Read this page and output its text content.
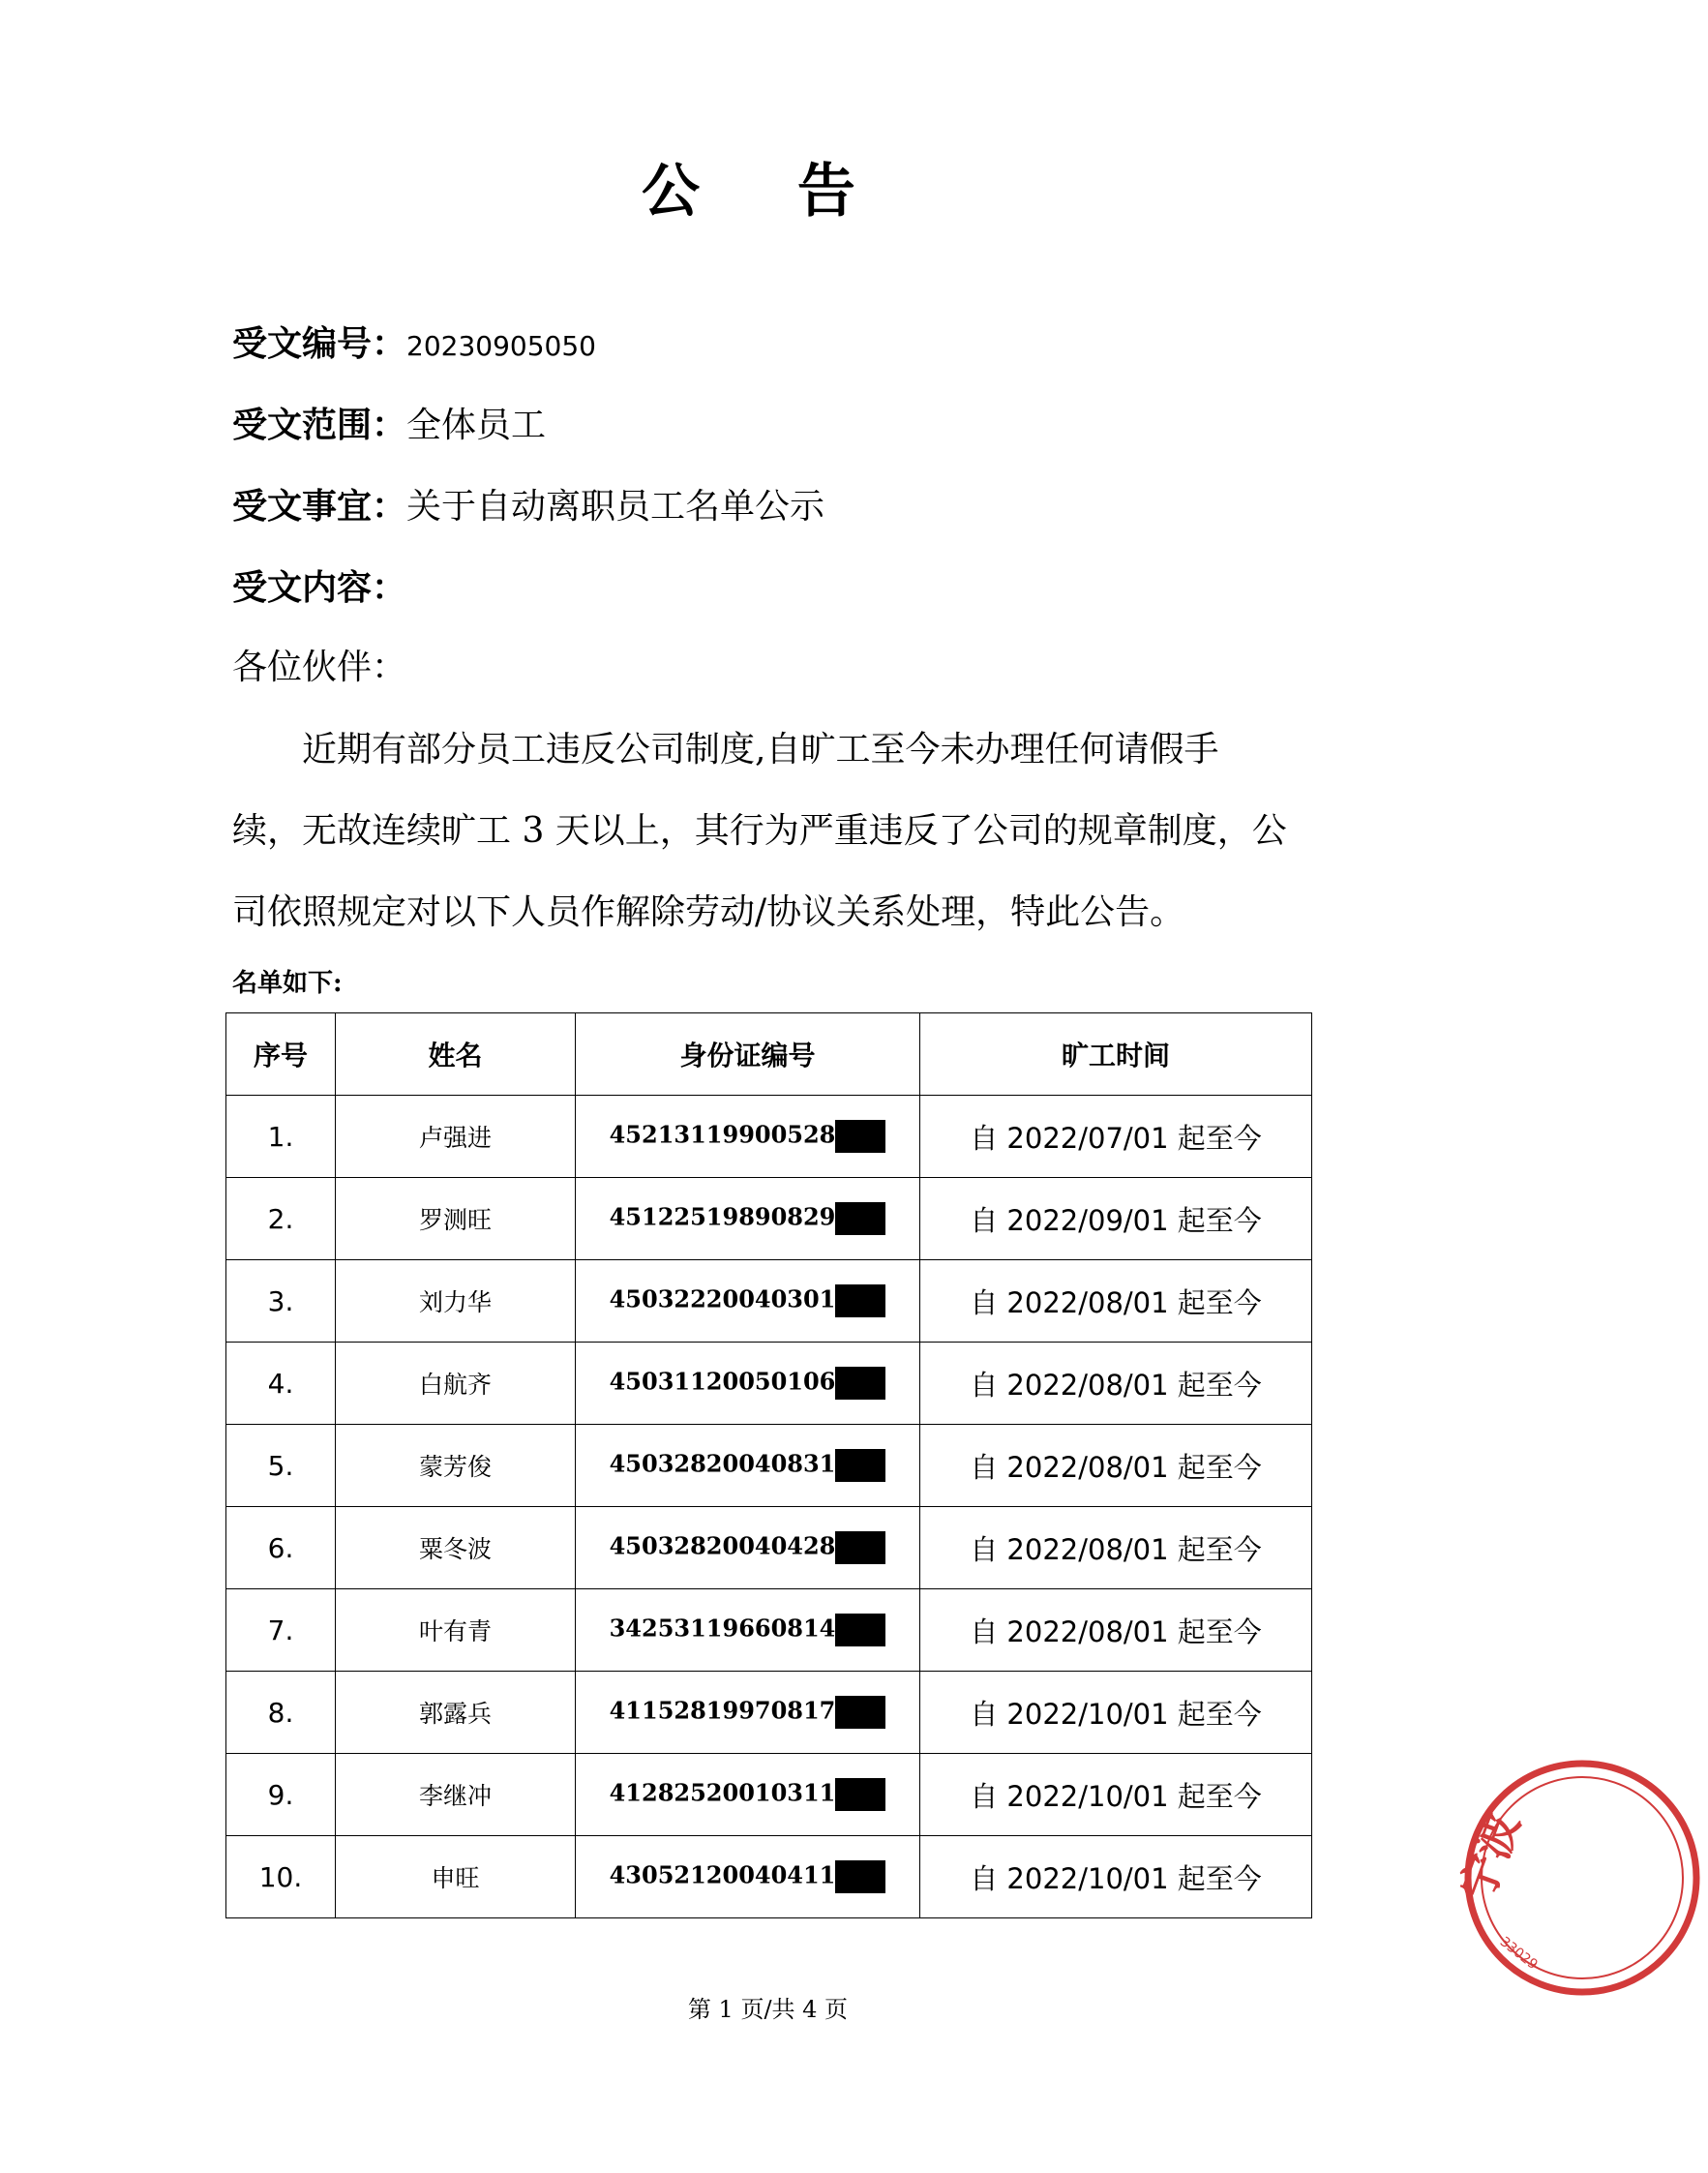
公 告
受文编号：20230905050
受文范围：全体员工
受文事宜：关于自动离职员工名单公示
受文内容：
各位伙伴：
近期有部分员工违反公司制度,自旷工至今未办理任何请假手
续，无故连续旷工 3 天以上，其行为严重违反了公司的规章制度，公
司依照规定对以下人员作解除劳动/协议关系处理，特此公告。
名单如下:
序号	姓名	身份证编号	旷工时间
1.	卢强进	45213119900528	自 2022/07/01 起至今
2.	罗测旺	45122519890829	自 2022/09/01 起至今
3.	刘力华	45032220040301	自 2022/08/01 起至今
4.	白航齐	45031120050106	自 2022/08/01 起至今
5.	蒙芳俊	45032820040831	自 2022/08/01 起至今
6.	粟冬波	45032820040428	自 2022/08/01 起至今
7.	叶有青	34253119660814	自 2022/08/01 起至今
8.	郭露兵	41152819970817	自 2022/10/01 起至今
9.	李继冲	41282520010311	自 2022/10/01 起至今
10.	申旺	43052120040411	自 2022/10/01 起至今
第 1 页/共 4 页
宁波
33029
